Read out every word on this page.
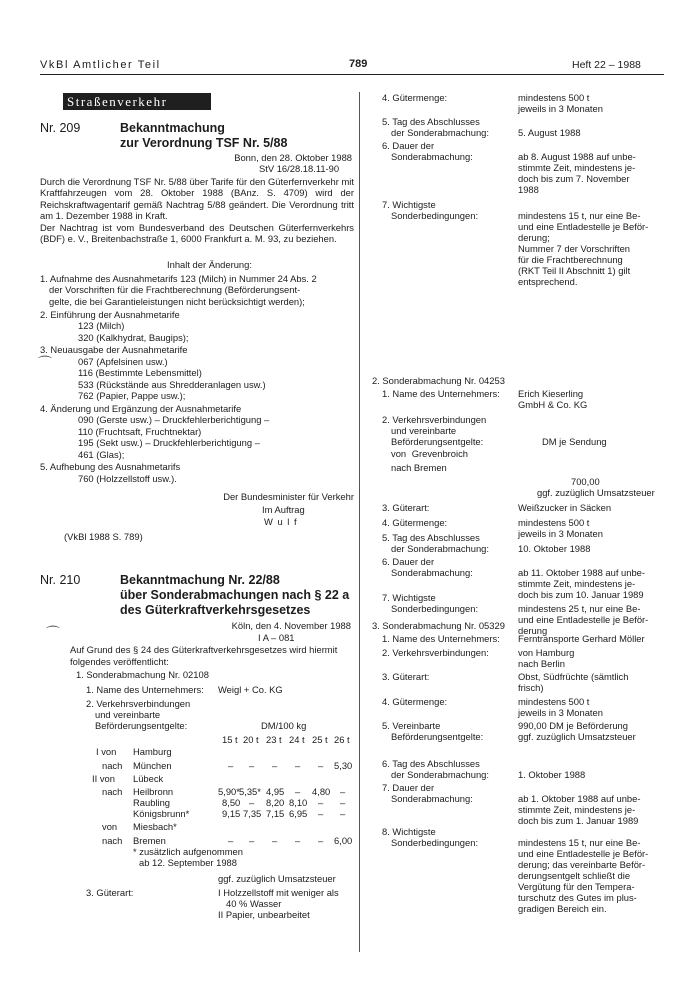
VkBl Amtlicher Teil	789	Heft 22 – 1988
Straßenverkehr
Nr. 209	Bekanntmachung
zur Verordnung TSF Nr. 5/88
Bonn, den 28. Oktober 1988
StV 16/28.18.11-90

Durch die Verordnung TSF Nr. 5/88 über Tarife für den Güterfernverkehr mit Kraftfahrzeugen vom 28. Oktober 1988 (BAnz. S. 4709) wird der Reichskraftwagentarif gemäß Nachtrag 5/88 geändert. Die Verordnung tritt am 1. Dezember 1988 in Kraft.

Der Nachtrag ist vom Bundesverband des Deutschen Güterfernverkehrs (BDF) e. V., Breitenbachstraße 1, 6000 Frankfurt a. M. 93, zu beziehen.

Inhalt der Änderung:
1. Aufnahme des Ausnahmetarifs 123 (Milch) in Nummer 24 Abs. 2
der Vorschriften für die Frachtberechnung (Beförderungsent-
gelte, die bei Garantieleistungen nicht berücksichtigt werden);
2. Einführung der Ausnahmetarife
123 (Milch)
320 (Kalkhydrat, Baugips);
3. Neuausgabe der Ausnahmetarife
067 (Apfelsinen usw.)
116 (Bestimmte Lebensmittel)
533 (Rückstände aus Shredderanlagen usw.)
762 (Papier, Pappe usw.);
4. Änderung und Ergänzung der Ausnahmetarife
090 (Gerste usw.) – Druckfehlerberichtigung –
110 (Fruchtsaft, Fruchtnektar)
195 (Sekt usw.) – Druckfehlerberichtigung –
461 (Glas);
5. Aufhebung des Ausnahmetarifs
760 (Holzzellstoff usw.).
Der Bundesminister für Verkehr
Im Auftrag
W u l f
(VkBl 1988 S. 789)
Nr. 210	Bekanntmachung Nr. 22/88
über Sonderabmachungen nach § 22 a
des Güterkraftverkehrsgesetzes
Köln, den 4. November 1988
I A – 081
⌒
⌒
Auf Grund des § 24 des Güterkraftverkehrsgesetzes wird hiermit
folgendes veröffentlicht:
1. Sonderabmachung Nr. 02108
1. Name des Unternehmers: Weigl + Co. KG
2. Verkehrsverbindungen
und vereinbarte
Beförderungsentgelte:	DM/100 kg
15 t 20 t 23 t 24 t 25 t 26 t
I von Hamburg
nach München	– – – – – 5,30
II von Lübeck
nach Heilbronn	5,90* 5,35* 4,95 – 4,80 –
Raubling	8,50 – 8,20 8,10 – –
Königsbrunn*	9,15 7,35 7,15 6,95 – –
von Miesbach*
nach Bremen	– – – – – 6,00
* zusätzlich aufgenommen
ab 12. September 1988
ggf. zuzüglich Umsatzsteuer
3. Güterart:	I Holzzellstoff mit weniger als
40 % Wasser
II Papier, unbearbeitet
4. Gütermenge:	mindestens 500 t
jeweils in 3 Monaten
5. Tag des Abschlusses
der Sonderabmachung:	5. August 1988
6. Dauer der
Sonderabmachung:	ab 8. August 1988 auf unbe-
stimmte Zeit, mindestens je-
doch bis zum 7. November
1988
7. Wichtigste
Sonderbedingungen:	mindestens 15 t, nur eine Be-
und eine Entladestelle je Beför-
derung;
Nummer 7 der Vorschriften
für die Frachtberechnung
(RKT Teil II Abschnitt 1) gilt
entsprechend.
2. Sonderabmachung Nr. 04253
1. Name des Unternehmers: Erich Kieserling
GmbH & Co. KG
2. Verkehrsverbindungen
und vereinbarte
Beförderungsentgelte:	DM je Sendung
von Grevenbroich
nach Bremen
700,00
ggf. zuzüglich Umsatzsteuer
3. Güterart:	Weißzucker in Säcken
4. Gütermenge:	mindestens 500 t
jeweils in 3 Monaten
5. Tag des Abschlusses
der Sonderabmachung:	10. Oktober 1988
6. Dauer der
Sonderabmachung:	ab 11. Oktober 1988 auf unbe-
stimmte Zeit, mindestens je-
doch bis zum 10. Januar 1989
7. Wichtigste
Sonderbedingungen:	mindestens 25 t, nur eine Be-
und eine Entladestelle je Beför-
derung
3. Sonderabmachung Nr. 05329
1. Name des Unternehmers: Ferntransporte Gerhard Möller
2. Verkehrsverbindungen:	von Hamburg
nach Berlin
3. Güterart:	Obst, Südfrüchte (sämtlich
frisch)
4. Gütermenge:	mindestens 500 t
jeweils in 3 Monaten
5. Vereinbarte
Beförderungsentgelte:
990,00 DM je Beförderung
ggf. zuzüglich Umsatzsteuer
6. Tag des Abschlusses
der Sonderabmachung:	1. Oktober 1988
7. Dauer der
Sonderabmachung:	ab 1. Oktober 1988 auf unbe-
stimmte Zeit, mindestens je-
doch bis zum 1. Januar 1989
8. Wichtigste
Sonderbedingungen:	mindestens 15 t, nur eine Be-
und eine Entladestelle je Beför-
derung; das vereinbarte Beför-
derungsentgelt schließt die
Vergütung für den Tempera-
turschutz des Gutes im plus-
gradigen Bereich ein.
